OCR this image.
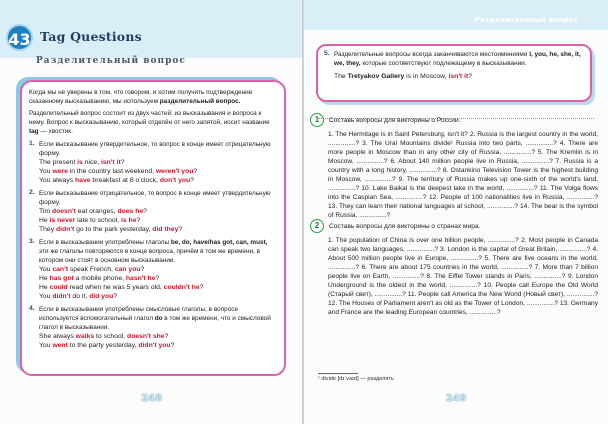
43 Tag Questions
Разделительный вопрос

Когда мы не уверены в том, что говорим, и хотим получить подтверждение сказанному высказыванию, мы используем разделительный вопрос.

Разделительный вопрос состоит из двух частей: из высказывания и вопроса к нему. Вопрос к высказыванию, который отделён от него запятой, носит название tag — хвостик.

1. Если высказывание утвердительное, то вопрос в конце имеет отрицательную форму.
The present is nice, isn't it?
You were in the country last weekend, weren't you?
You always have breakfast at 8 o'clock, don't you?
2. Если высказывание отрицательное, то вопрос в конце имеет утвердительную форму.
Tim doesn't eat oranges, does he?
He is never late to school, is he?
They didn't go to the park yesterday, did they?
3. Если в высказывании употреблены глаголы be, do, have/has got, can, must, эти же глаголы повторяются в конце вопроса, причём в том же времени, в котором они стоят в основном высказывании.
You can't speak French, can you?
He has got a mobile phone, hasn't he?
He could read when he was 5 years old, couldn't he?
You didn't do it, did you?
4. Если в высказывании употреблены смысловые глаголы, в вопросе используется вспомогательный глагол do в том же времени, что и смысловой глагол в высказывании.
She always walks to school, doesn't she?
You went to the party yesterday, didn't you?
248
Разделительный вопрос
5. Разделительные вопросы всегда заканчиваются местоимениями I, you, he, she, it, we, they, которые соответствуют подлежащему в высказывании.
The Tretyakov Gallery is in Moscow, isn't it?
1	Составь вопросы для викторины о России.
1. The Hermitage is in Saint Petersburg, isn't it? 2. Russia is the largest country in the world, ...............? 3. The Ural Mountains divide¹ Russia into two parts, ...............? 4. There are more people in Moscow than in any other city of Russia, ...............? 5. The Kremlin is in Moscow, ...............? 6. About 140 million people live in Russia, ...............? 7. Russia is a country with a long history, ...............? 8. Ostankino Television Tower is the highest building in Moscow, ...............? 9. The territory of Russia makes up one-sixth of the world's land, ...............? 10. Lake Baikal is the deepest lake in the world, ...............? 11. The Volga flows into the Caspian Sea, ...............? 12. People of 100 nationalities live in Russia, ...............? 13. They can learn their national languages at school, ...............? 14. The bear is the symbol of Russia, ...............?
2	Составь вопросы для викторины о странах мира.
1. The population of China is over one billion people, ...............? 2. Most people in Canada can speak two languages, ...............? 3. London is the capital of Great Britain, ...............? 4. About 500 million people live in Europe, ...............? 5. There are five oceans in the world, ...............? 6. There are about 175 countries in the world, ...............? 7. More than 7 billion people live on Earth, ...............? 8. The Eiffel Tower stands in Paris, ...............? 9. London Underground is the oldest in the world, ...............? 10. People call Europe the Old World (Старый свет), ...............? 11. People call America the New World (Новый свет), ...............? 12. The Houses of Parliament aren't as old as the Tower of London, ...............? 13. Germany and France are the leading European countries, ...............?
¹ divide [dɪˈvaɪd] — разделять
249
